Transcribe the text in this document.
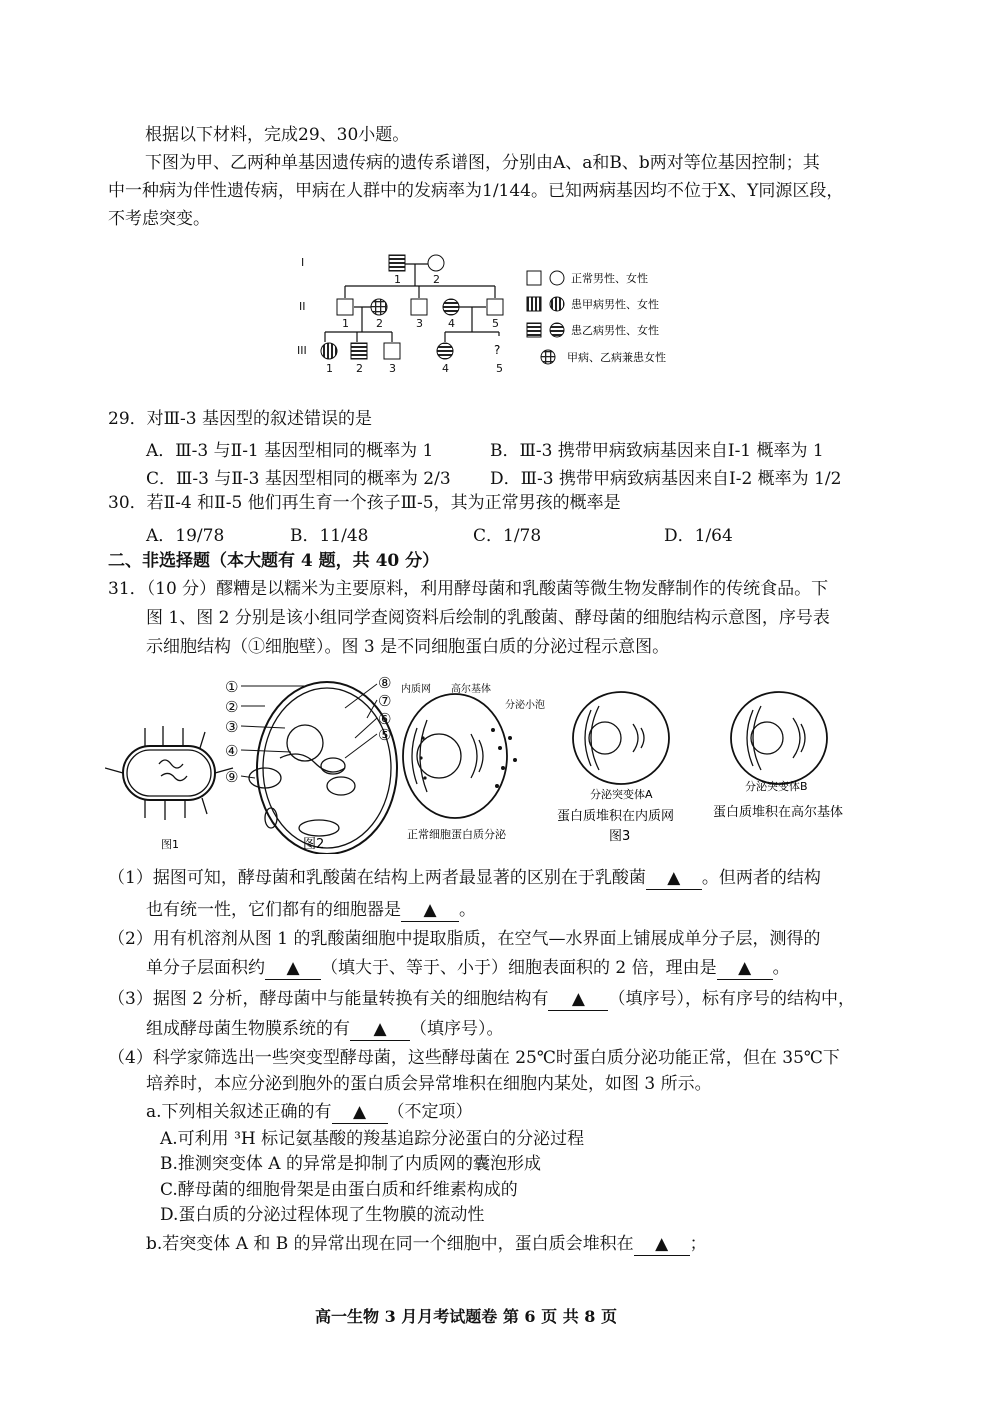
根据以下材料，完成29、30小题。
下图为甲、乙两种单基因遗传病的遗传系谱图，分别由A、a和B、b两对等位基因控制；其
中一种病为伴性遗传病，甲病在人群中的发病率为1/144。已知两病基因均不位于X、Y同源区段，
不考虑突变。
?
I
II
III
1	2
1 2	3 4	5
1 2 3	4	5
正常男性、女性
患甲病男性、女性
患乙病男性、女性
甲病、乙病兼患女性
29．对Ⅲ-3 基因型的叙述错误的是
A．Ⅲ-3 与Ⅱ-1 基因型相同的概率为 1	B．Ⅲ-3 携带甲病致病基因来自Ⅰ-1 概率为 1
C．Ⅲ-3 与Ⅱ-3 基因型相同的概率为 2/3 D．Ⅲ-3 携带甲病致病基因来自Ⅰ-2 概率为 1/2
30．若Ⅱ-4 和Ⅱ-5 他们再生育一个孩子Ⅲ-5，其为正常男孩的概率是
A．19/78	B．11/48	C．1/78	D．1/64
二、非选择题（本大题有 4 题，共 40 分）
31．（10 分）醪糟是以糯米为主要原料，利用酵母菌和乳酸菌等微生物发酵制作的传统食品。下
图 1、图 2 分别是该小组同学查阅资料后绘制的乳酸菌、酵母菌的细胞结构示意图，序号表
示细胞结构（①细胞壁）。图 3 是不同细胞蛋白质的分泌过程示意图。
①
②
③
④
⑨
⑧
⑦
⑥
⑤
图1	图2
内质网 高尔基体
分泌小泡
正常细胞蛋白质分泌
分泌突变体A
蛋白质堆积在内质网
图3
分泌突变体B
蛋白质堆积在高尔基体
（1）据图可知，酵母菌和乳酸菌在结构上两者最显著的区别在于乳酸菌 ▲ 。但两者的结构
也有统一性，它们都有的细胞器是 ▲ 。
（2）用有机溶剂从图 1 的乳酸菌细胞中提取脂质，在空气—水界面上铺展成单分子层，测得的
单分子层面积约 ▲ （填大于、等于、小于）细胞表面积的 2 倍，理由是 ▲ 。
（3）据图 2 分析，酵母菌中与能量转换有关的细胞结构有 ▲ （填序号），标有序号的结构中，
组成酵母菌生物膜系统的有 ▲ （填序号）。
（4）科学家筛选出一些突变型酵母菌，这些酵母菌在 25℃时蛋白质分泌功能正常，但在 35℃下
培养时，本应分泌到胞外的蛋白质会异常堆积在细胞内某处，如图 3 所示。
a.下列相关叙述正确的有 ▲ （不定项）
A.可利用 ³H 标记氨基酸的羧基追踪分泌蛋白的分泌过程
B.推测突变体 A 的异常是抑制了内质网的囊泡形成
C.酵母菌的细胞骨架是由蛋白质和纤维素构成的
D.蛋白质的分泌过程体现了生物膜的流动性
b.若突变体 A 和 B 的异常出现在同一个细胞中，蛋白质会堆积在 ▲ ；
高一生物 3 月月考试题卷 第 6 页 共 8 页
